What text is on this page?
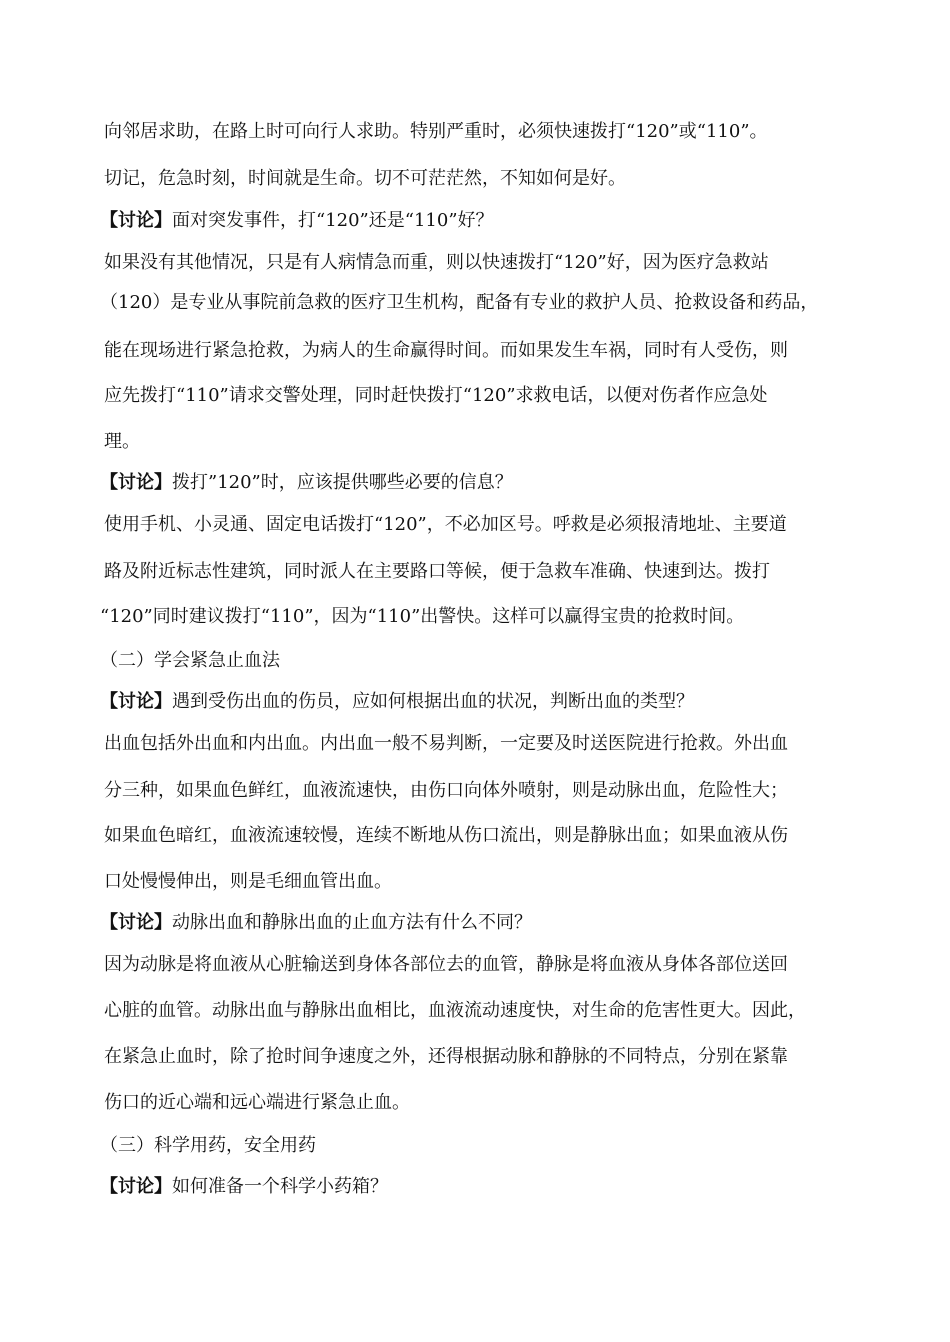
向邻居求助，在路上时可向行人求助。特别严重时，必须快速拨打“120”或“110”。
切记，危急时刻，时间就是生命。切不可茫茫然，不知如何是好。
【讨论】面对突发事件，打“120”还是“110”好？
如果没有其他情况，只是有人病情急而重，则以快速拨打“120”好，因为医疗急救站
（120）是专业从事院前急救的医疗卫生机构，配备有专业的救护人员、抢救设备和药品，
能在现场进行紧急抢救，为病人的生命赢得时间。而如果发生车祸，同时有人受伤，则
应先拨打“110”请求交警处理，同时赶快拨打“120”求救电话，以便对伤者作应急处
理。
【讨论】拨打”120”时，应该提供哪些必要的信息？
使用手机、小灵通、固定电话拨打“120”，不必加区号。呼救是必须报清地址、主要道
路及附近标志性建筑，同时派人在主要路口等候，便于急救车准确、快速到达。拨打
“120”同时建议拨打“110”，因为“110”出警快。这样可以赢得宝贵的抢救时间。
（二）学会紧急止血法
【讨论】遇到受伤出血的伤员，应如何根据出血的状况，判断出血的类型？
出血包括外出血和内出血。内出血一般不易判断，一定要及时送医院进行抢救。外出血
分三种，如果血色鲜红，血液流速快，由伤口向体外喷射，则是动脉出血，危险性大；
如果血色暗红，血液流速较慢，连续不断地从伤口流出，则是静脉出血；如果血液从伤
口处慢慢伸出，则是毛细血管出血。
【讨论】动脉出血和静脉出血的止血方法有什么不同？
因为动脉是将血液从心脏输送到身体各部位去的血管，静脉是将血液从身体各部位送回
心脏的血管。动脉出血与静脉出血相比，血液流动速度快，对生命的危害性更大。因此，
在紧急止血时，除了抢时间争速度之外，还得根据动脉和静脉的不同特点，分别在紧靠
伤口的近心端和远心端进行紧急止血。
（三）科学用药，安全用药
【讨论】如何准备一个科学小药箱？
